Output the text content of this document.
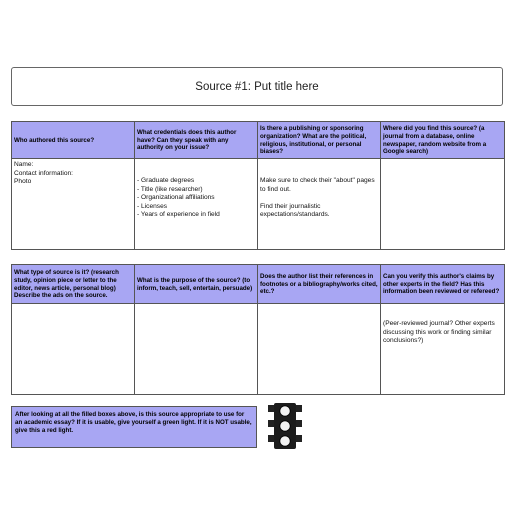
Source #1: Put title here
Who authored this source?
What credentials does this author have? Can they speak with any authority on your issue?
Is there a publishing or sponsoring organization? What are the political, religious, institutional, or personal biases?
Where did you find this source? (a journal from a database, online newspaper, random website from a Google search)
Name:
Contact information:
Photo	- Graduate degrees
- Title (like researcher)
- Organizational affiliations
- Licenses
- Years of experience in field
Make sure to check their "about" pages to find out.

Find their journalistic expectations/standards.
What type of source is it? (research study, opinion piece or letter to the editor, news article, personal blog)
Describe the ads on the source.
What is the purpose of the source? (to inform, teach, sell, entertain, persuade)
Does the author list their references in footnotes or a bibliography/works cited, etc.?
Can you verify this author's claims by other experts in the field? Has this information been reviewed or refereed?
(Peer-reviewed journal? Other experts discussing this work or finding similar conclusions?)
After looking at all the filled boxes above, is this source appropriate to use for an academic essay? If it is usable, give yourself a green light. If it is NOT usable, give this a red light.
